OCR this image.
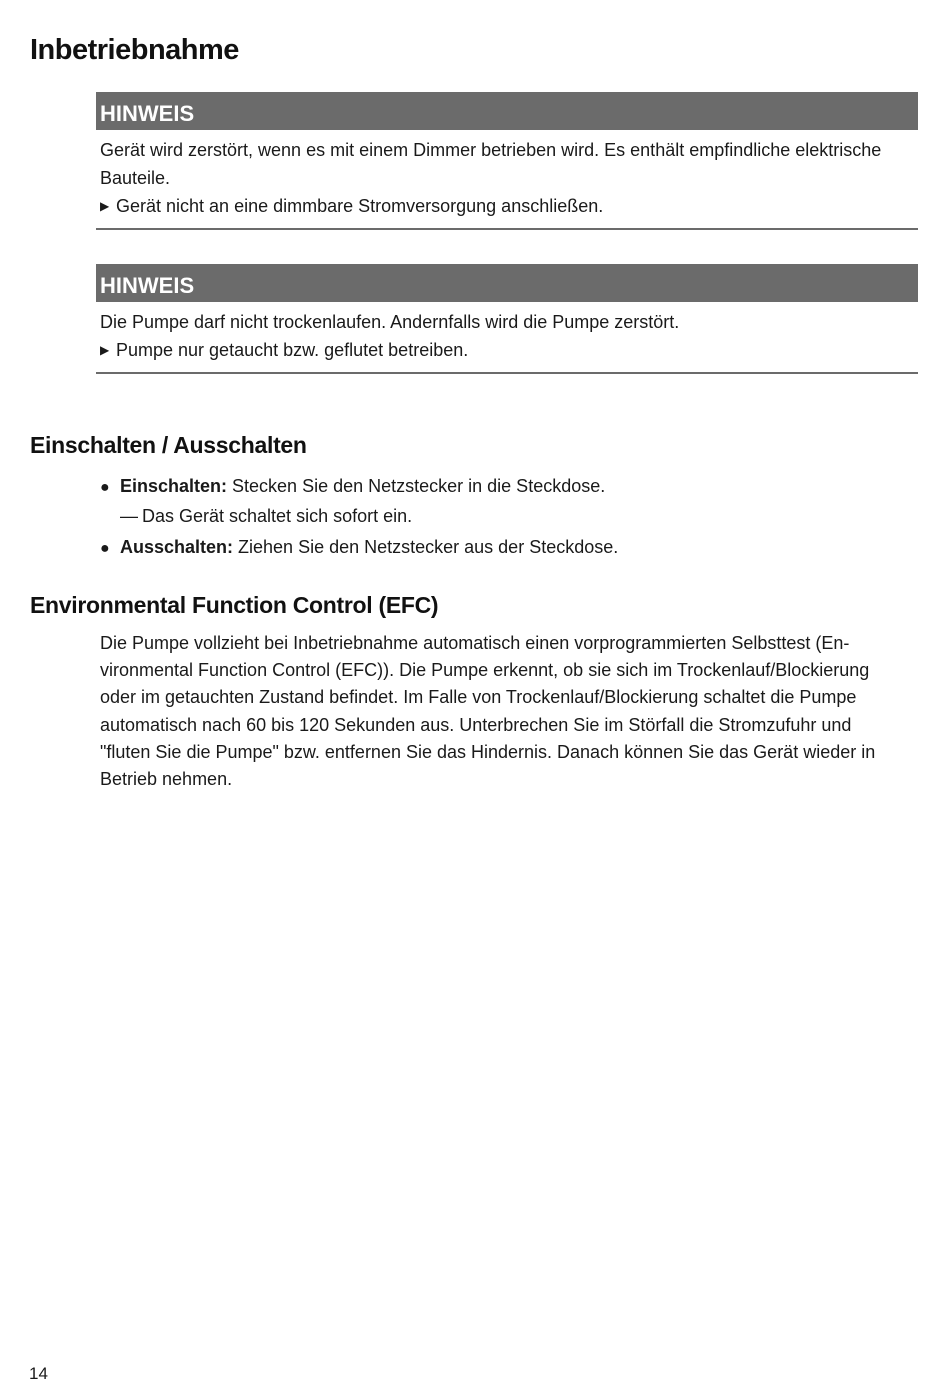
Inbetriebnahme
HINWEIS
Gerät wird zerstört, wenn es mit einem Dimmer betrieben wird. Es enthält empfindliche elektrische Bauteile.
▶ Gerät nicht an eine dimmbare Stromversorgung anschließen.
HINWEIS
Die Pumpe darf nicht trockenlaufen. Andernfalls wird die Pumpe zerstört.
▶ Pumpe nur getaucht bzw. geflutet betreiben.
Einschalten / Ausschalten
● Einschalten: Stecken Sie den Netzstecker in die Steckdose.
— Das Gerät schaltet sich sofort ein.
● Ausschalten: Ziehen Sie den Netzstecker aus der Steckdose.
Environmental Function Control (EFC)
Die Pumpe vollzieht bei Inbetriebnahme automatisch einen vorprogrammierten Selbsttest (Environmental Function Control (EFC)). Die Pumpe erkennt, ob sie sich im Trockenlauf/Blockierung oder im getauchten Zustand befindet. Im Falle von Trockenlauf/Blockierung schaltet die Pumpe automatisch nach 60 bis 120 Sekunden aus. Unterbrechen Sie im Störfall die Stromzufuhr und "fluten Sie die Pumpe" bzw. entfernen Sie das Hindernis. Danach können Sie das Gerät wieder in Betrieb nehmen.
14
